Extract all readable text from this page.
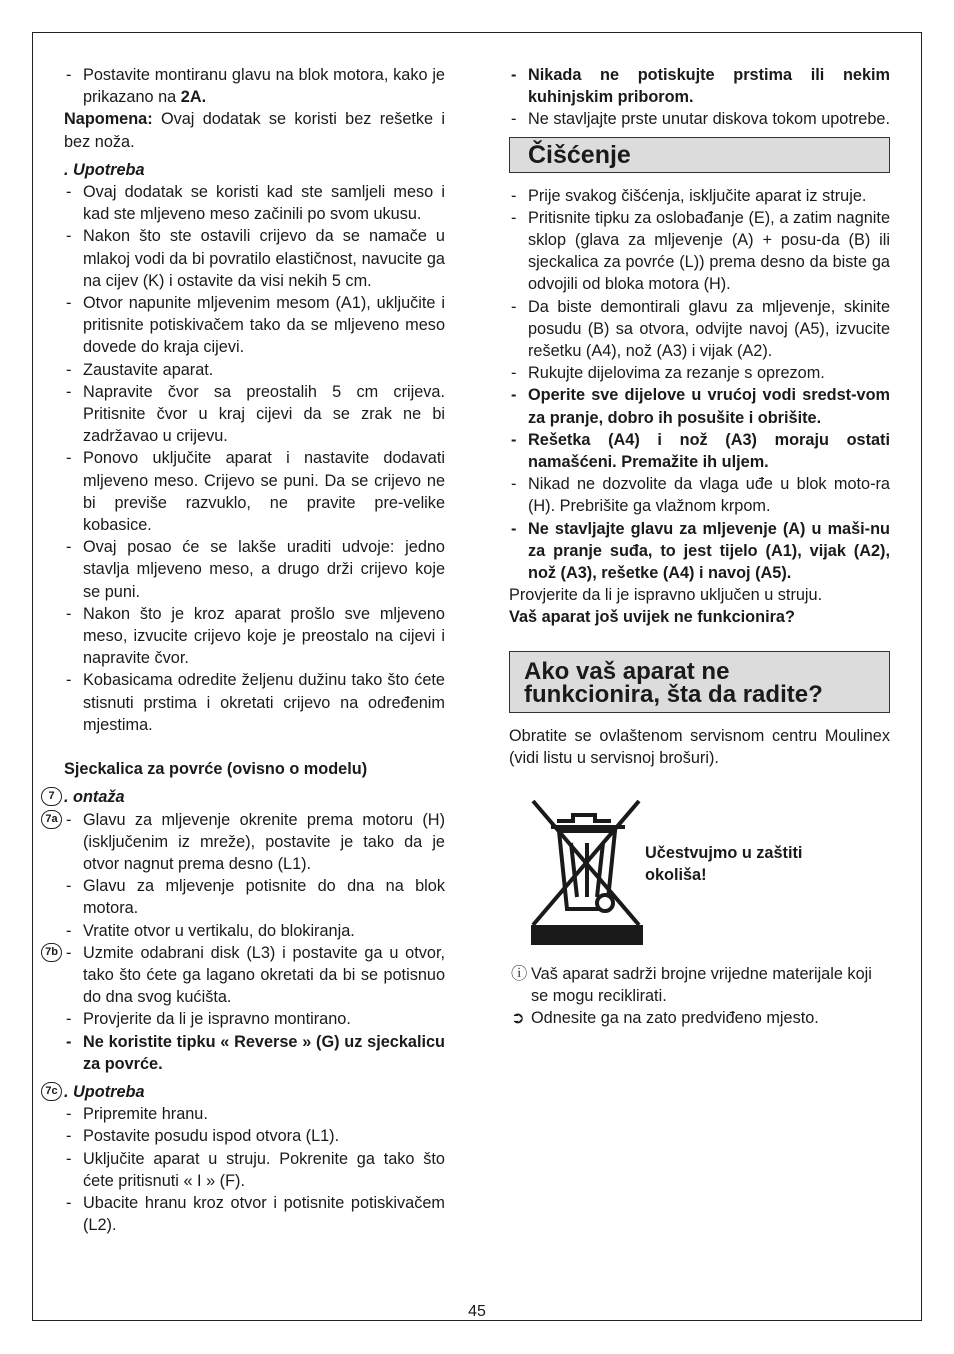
- Postavite montiranu glavu na blok motora, kako je prikazano na 2A.
Napomena: Ovaj dodatak se koristi bez rešetke i bez noža.
. Upotreba
- Ovaj dodatak se koristi kad ste samljeli meso i kad ste mljeveno meso začinili po svom ukusu.
- Nakon što ste ostavili crijevo da se namače u mlakoj vodi da bi povratilo elastičnost, navucite ga na cijev (K) i ostavite da visi nekih 5 cm.
- Otvor napunite mljevenim mesom (A1), uključite i pritisnite potiskivačem tako da se mljeveno meso dovede do kraja cijevi.
- Zaustavite aparat.
- Napravite čvor sa preostalih 5 cm crijeva. Pritisnite čvor u kraj cijevi da se zrak ne bi zadržavao u crijevu.
- Ponovo uključite aparat i nastavite dodavati mljeveno meso. Crijevo se puni. Da se crijevo ne bi previše razvuklo, ne pravite pre-velike kobasice.
- Ovaj posao će se lakše uraditi udvoje: jedno stavlja mljeveno meso, a drugo drži crijevo koje se puni.
- Nakon što je kroz aparat prošlo sve mljeveno meso, izvucite crijevo koje je preostalo na cijevi i napravite čvor.
- Kobasicama odredite željenu dužinu tako što ćete stisnuti prstima i okretati crijevo na određenim mjestima.
Sjeckalica za povrće (ovisno o modelu)
7 . ontaža
7a	- Glavu za mljevenje okrenite prema motoru (H) (isključenim iz mreže), postavite je tako da je otvor nagnut prema desno (L1).
- Glavu za mljevenje potisnite do dna na blok motora.
- Vratite otvor u vertikalu, do blokiranja.
7b	- Uzmite odabrani disk (L3) i postavite ga u otvor, tako što ćete ga lagano okretati da bi se potisnuo do dna svog kućišta.
- Provjerite da li je ispravno montirano.
- Ne koristite tipku « Reverse » (G) uz sjeckalicu za povrće.
7c . Upotreba
- Pripremite hranu.
- Postavite posudu ispod otvora (L1).
- Uključite aparat u struju. Pokrenite ga tako što ćete pritisnuti « I » (F).
- Ubacite hranu kroz otvor i potisnite potiskivačem (L2).
- Nikada ne potiskujte prstima ili nekim kuhinjskim priborom.
- Ne stavljajte prste unutar diskova tokom upotrebe.
Čišćenje
- Prije svakog čišćenja, isključite aparat iz struje.
- Pritisnite tipku za oslobađanje (E), a zatim nagnite sklop (glava za mljevenje (A) + posu-da (B) ili sjeckalica za povrće (L)) prema desno da biste ga odvojili od bloka motora (H).
- Da biste demontirali glavu za mljevenje, skinite posudu (B) sa otvora, odvijte navoj (A5), izvucite rešetku (A4), nož (A3) i vijak (A2).
- Rukujte dijelovima za rezanje s oprezom.
- Operite sve dijelove u vrućoj vodi sredst-vom za pranje, dobro ih posušite i obrišite.
- Rešetka (A4) i nož (A3) moraju ostati namašćeni. Premažite ih uljem.
- Nikad ne dozvolite da vlaga uđe u blok moto-ra (H). Prebrišite ga vlažnom krpom.
- Ne stavljajte glavu za mljevenje (A) u maši-nu za pranje suđa, to jest tijelo (A1), vijak (A2), nož (A3), rešetke (A4) i navoj (A5).
Provjerite da li je ispravno uključen u struju.
Vaš aparat još uvijek ne funkcionira?
Ako vaš aparat ne
funkcionira, šta da radite?
Obratite se ovlaštenom servisnom centru Moulinex (vidi listu u servisnoj brošuri).
Učestvujmo u zaštiti
okoliša!
ⓘ Vaš aparat sadrži brojne vrijedne materijale koji se mogu reciklirati.
➲ Odnesite ga na zato predviđeno mjesto.
45
